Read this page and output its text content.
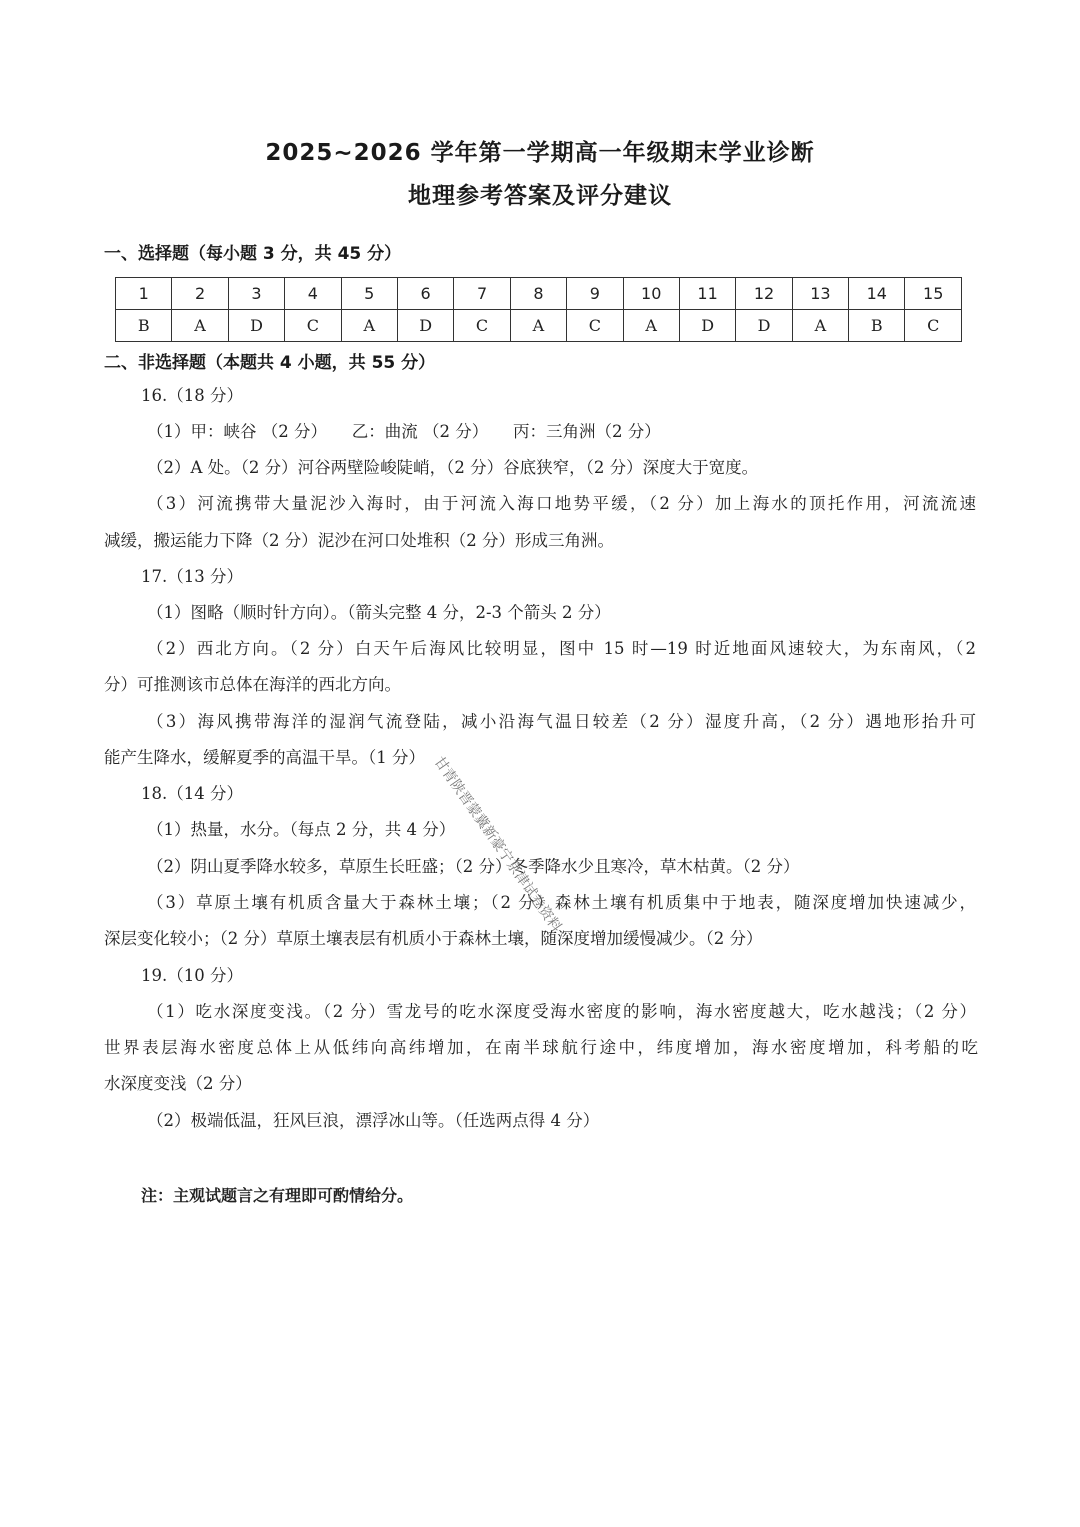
2025~2026 学年第一学期高一年级期末学业诊断
地理参考答案及评分建议
一、选择题（每小题 3 分，共 45 分）
1	2	3	4	5	6	7	8	9	10	11	12	13	14	15
B	A	D	C	A	D	C	A	C	A	D	D	A	B	C
二、非选择题（本题共 4 小题，共 55 分）
16.（18 分）
（1）甲：峡谷 （2 分）　　乙：曲流 （2 分）　　丙：三角洲（2 分）
（2）A 处。（2 分）河谷两壁险峻陡峭，（2 分）谷底狭窄，（2 分）深度大于宽度。
（3）河流携带大量泥沙入海时，由于河流入海口地势平缓，（2 分）加上海水的顶托作用，河流流速
减缓，搬运能力下降（2 分）泥沙在河口处堆积（2 分）形成三角洲。
17.（13 分）
（1）图略（顺时针方向）。（箭头完整 4 分，2-3 个箭头 2 分）
（2）西北方向。（2 分）白天午后海风比较明显，图中 15 时—19 时近地面风速较大，为东南风，（2
分）可推测该市总体在海洋的西北方向。
（3）海风携带海洋的湿润气流登陆，减小沿海气温日较差（2 分）湿度升高，（2 分）遇地形抬升可
能产生降水，缓解夏季的高温干旱。（1 分）
18.（14 分）
（1）热量，水分。（每点 2 分，共 4 分）
（2）阴山夏季降水较多，草原生长旺盛；（2 分）冬季降水少且寒冷，草木枯黄。（2 分）
（3）草原土壤有机质含量大于森林土壤；（2 分）森林土壤有机质集中于地表，随深度增加快速减少，
深层变化较小；（2 分）草原土壤表层有机质小于森林土壤，随深度增加缓慢减少。（2 分）
19.（10 分）
（1）吃水深度变浅。（2 分）雪龙号的吃水深度受海水密度的影响，海水密度越大，吃水越浅；（2 分）
世界表层海水密度总体上从低纬向高纬增加，在南半球航行途中，纬度增加，海水密度增加，科考船的吃
水深度变浅（2 分）
（2）极端低温，狂风巨浪，漂浮冰山等。（任选两点得 4 分）
注：主观试题言之有理即可酌情给分。
甘青陕晋蒙冀新豪宁京津试卷资料
